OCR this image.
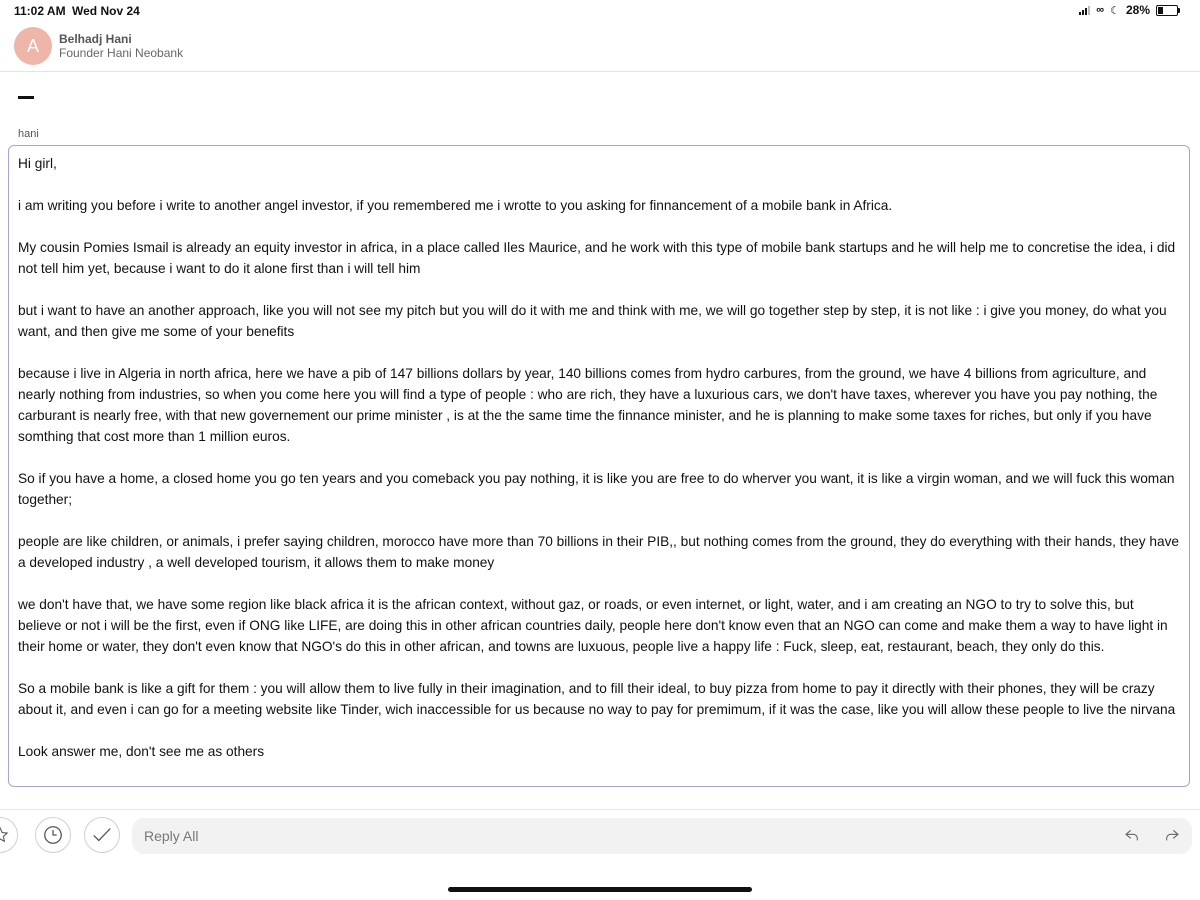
11:02 AM Wed Nov 24	∞ ☾ 28%
A	Belhadj Hani
Founder Hani Neobank
hani

Hi girl,

i am writing you before i write to another angel investor, if you remembered me i wrotte to you asking for finnancement of a mobile bank in Africa.

My cousin Pomies Ismail is already an equity investor in africa, in a place called Iles Maurice, and he work with this type of mobile bank startups and he will help me to concretise the idea, i did not tell him yet, because i want to do it alone first than i will tell him

but i want to have an another approach, like you will not see my pitch but you will do it with me and think with me, we will go together step by step, it is not like : i give you money, do what you want, and then give me some of your benefits

because i live in Algeria in north africa, here we have a pib of 147 billions dollars by year, 140 billions comes from hydro carbures, from the ground, we have 4 billions from agriculture, and nearly nothing from industries, so when you come here you will find a type of people : who are rich, they have a luxurious cars, we don't have taxes, wherever you have you pay nothing, the carburant is nearly free, with that new governement our prime minister , is at the the same time the finnance minister, and he is planning to make some taxes for riches, but only if you have somthing that cost more than 1 million euros.

So if you have a home, a closed home you go ten years and you comeback you pay nothing, it is like you are free to do wherver you want, it is like a virgin woman, and we will fuck this woman together;

people are like children, or animals, i prefer saying children, morocco have more than 70 billions in their PIB,, but nothing comes from the ground, they do everything with their hands, they have a developed industry , a well developed tourism, it allows them to make money

we don't have that, we have some region like black africa it is the african context, without gaz, or roads, or even internet, or light, water, and i am creating an NGO to try to solve this, but believe or not i will be the first, even if ONG like LIFE, are doing this in other african countries daily, people here don't know even that an NGO can come and make them a way to have light in their home or water, they don't even know that NGO's do this in other african, and towns are luxuous, people live a happy life : Fuck, sleep, eat, restaurant, beach, they only do this.

So a mobile bank is like a gift for them : you will allow them to live fully in their imagination, and to fill their ideal, to buy pizza from home to pay it directly with their phones, they will be crazy about it, and even i can go for a meeting website like Tinder, wich inaccessible for us because no way to pay for premimum, if it was the case, like you will allow these people to live the nirvana

Look answer me, don't see me as others

Reply All
